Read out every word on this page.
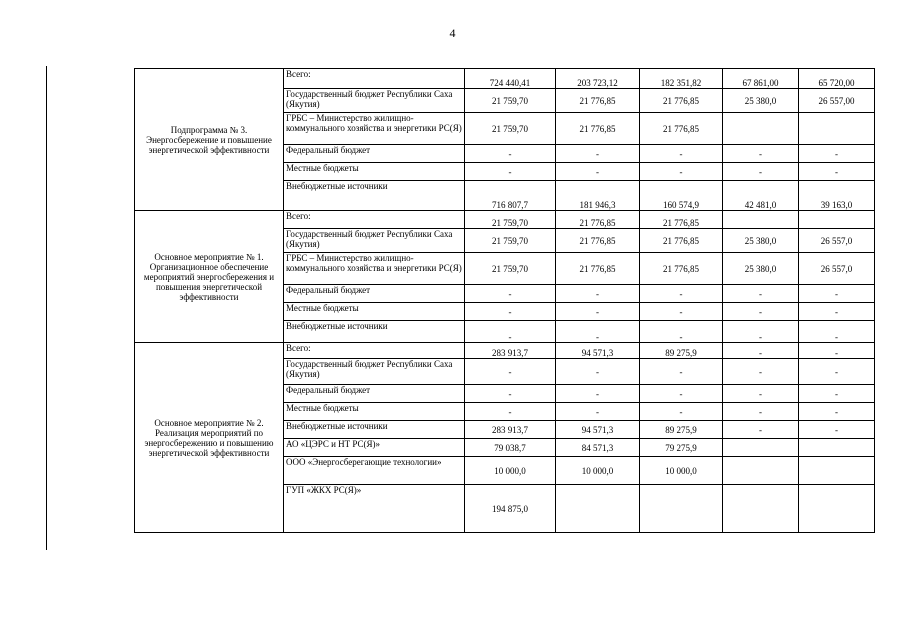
4
Подпрограмма № 3. Энергосбережение и повышение энергетической эффективности	Всего:	724 440,41	203 723,12	182 351,82	67 861,00	65 720,00
	Государственный бюджет Республики Саха (Якутия)	21 759,70	21 776,85	21 776,85	25 380,0	26 557,00
	ГРБС – Министерство жилищно-коммунального хозяйства и энергетики РС(Я)	21 759,70	21 776,85	21 776,85		
	Федеральный бюджет	-	-	-	-	-
	Местные бюджеты	-	-	-	-	-
	Внебюджетные источники	716 807,7	181 946,3	160 574,9	42 481,0	39 163,0
Основное мероприятие № 1. Организационное обеспечение мероприятий энергосбережения и повышения энергетической эффективности	Всего:	21 759,70	21 776,85	21 776,85		
	Государственный бюджет Республики Саха (Якутия)	21 759,70	21 776,85	21 776,85	25 380,0	26 557,0
	ГРБС – Министерство жилищно-коммунального хозяйства и энергетики РС(Я)	21 759,70	21 776,85	21 776,85	25 380,0	26 557,0
	Федеральный бюджет	-	-	-	-	-
	Местные бюджеты	-	-	-	-	-
	Внебюджетные источники	-	-	-	-	-
Основное мероприятие № 2. Реализация мероприятий по энергосбережению и повышению энергетической эффективности	Всего:	283 913,7	94 571,3	89 275,9	-	-
	Государственный бюджет Республики Саха (Якутия)	-	-	-	-	-
	Федеральный бюджет	-	-	-	-	-
	Местные бюджеты	-	-	-	-	-
	Внебюджетные источники	283 913,7	94 571,3	89 275,9	-	-
	АО «ЦЭРС и НТ РС(Я)»	79 038,7	84 571,3	79 275,9		
	ООО «Энергосберегающие технологии»	10 000,0	10 000,0	10 000,0		
	ГУП «ЖКХ РС(Я)»	194 875,0				
